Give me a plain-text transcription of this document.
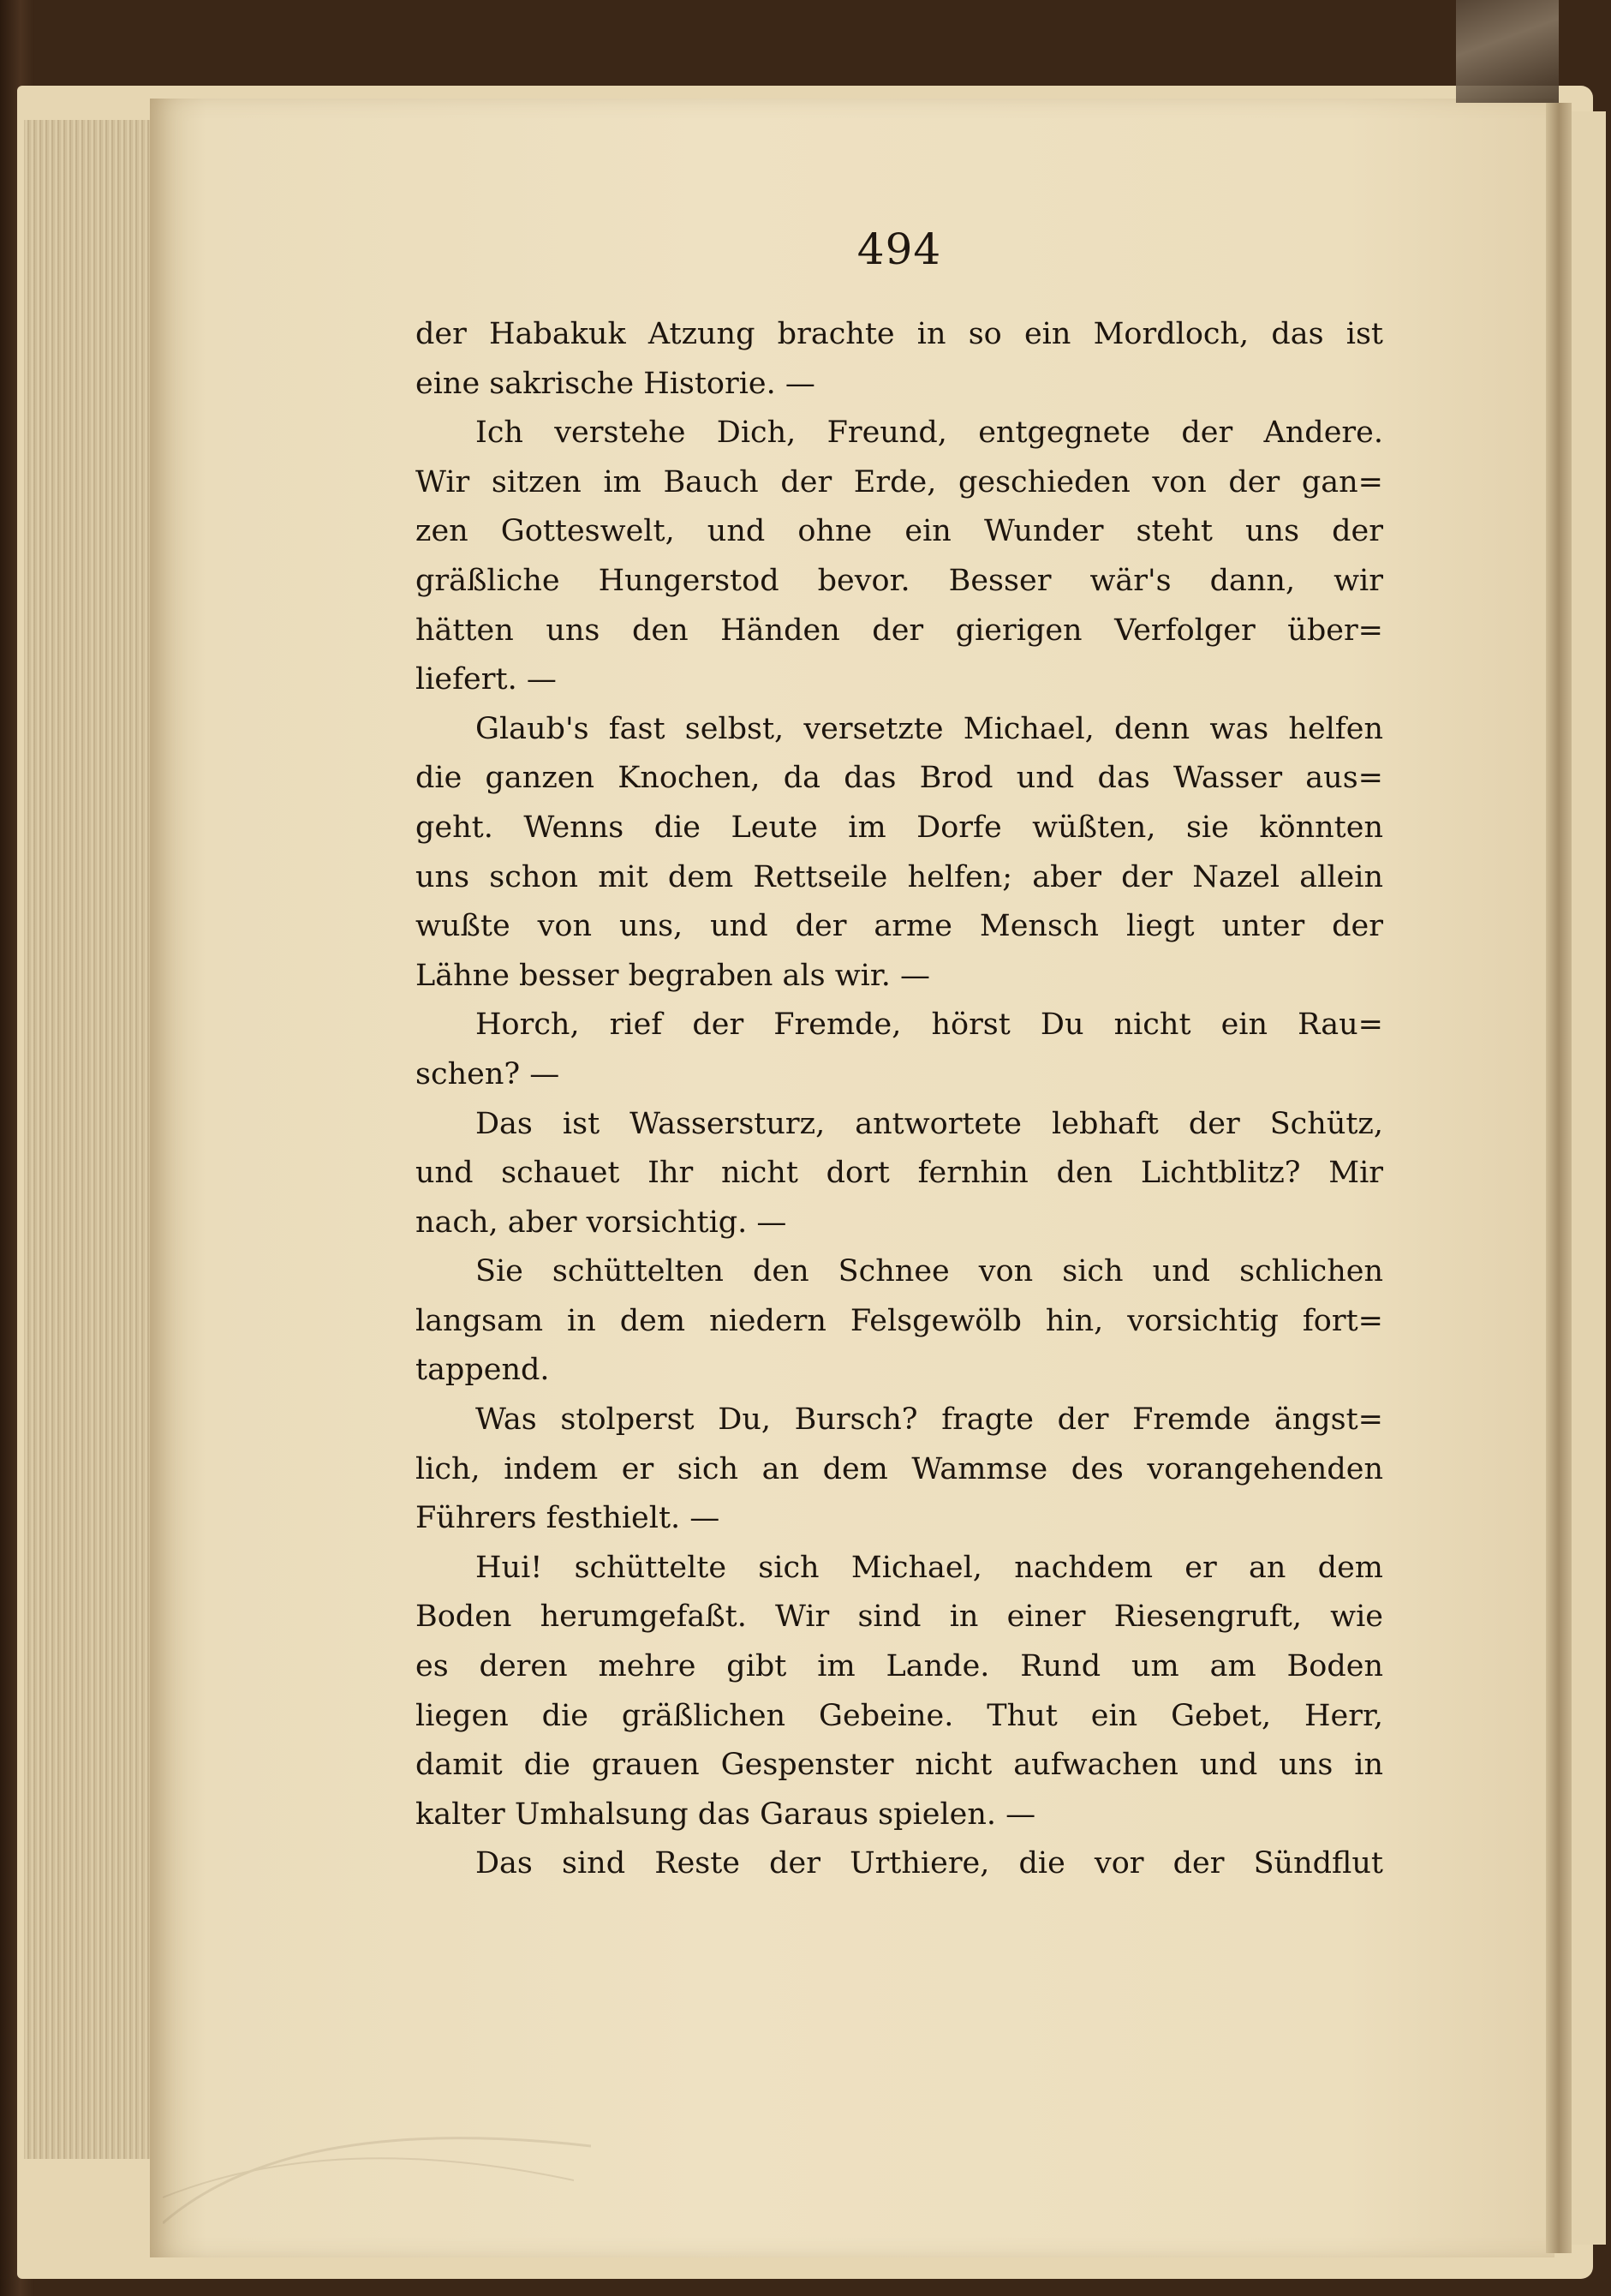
494
der Habakuk Atzung brachte in so ein Mordloch, das ist
eine sakrische Historie. —
Ich verstehe Dich, Freund, entgegnete der Andere.
Wir sitzen im Bauch der Erde, geschieden von der gan=
zen Gotteswelt, und ohne ein Wunder steht uns der
gräßliche Hungerstod bevor. Besser wär's dann, wir
hätten uns den Händen der gierigen Verfolger über=
liefert. —
Glaub's fast selbst, versetzte Michael, denn was helfen
die ganzen Knochen, da das Brod und das Wasser aus=
geht. Wenns die Leute im Dorfe wüßten, sie könnten
uns schon mit dem Rettseile helfen; aber der Nazel allein
wußte von uns, und der arme Mensch liegt unter der
Lähne besser begraben als wir. —
Horch, rief der Fremde, hörst Du nicht ein Rau=
schen? —
Das ist Wassersturz, antwortete lebhaft der Schütz,
und schauet Ihr nicht dort fernhin den Lichtblitz? Mir
nach, aber vorsichtig. —
Sie schüttelten den Schnee von sich und schlichen
langsam in dem niedern Felsgewölb hin, vorsichtig fort=
tappend.
Was stolperst Du, Bursch? fragte der Fremde ängst=
lich, indem er sich an dem Wammse des vorangehenden
Führers festhielt. —
Hui! schüttelte sich Michael, nachdem er an dem
Boden herumgefaßt. Wir sind in einer Riesengruft, wie
es deren mehre gibt im Lande. Rund um am Boden
liegen die gräßlichen Gebeine. Thut ein Gebet, Herr,
damit die grauen Gespenster nicht aufwachen und uns in
kalter Umhalsung das Garaus spielen. —
Das sind Reste der Urthiere, die vor der Sündflut
